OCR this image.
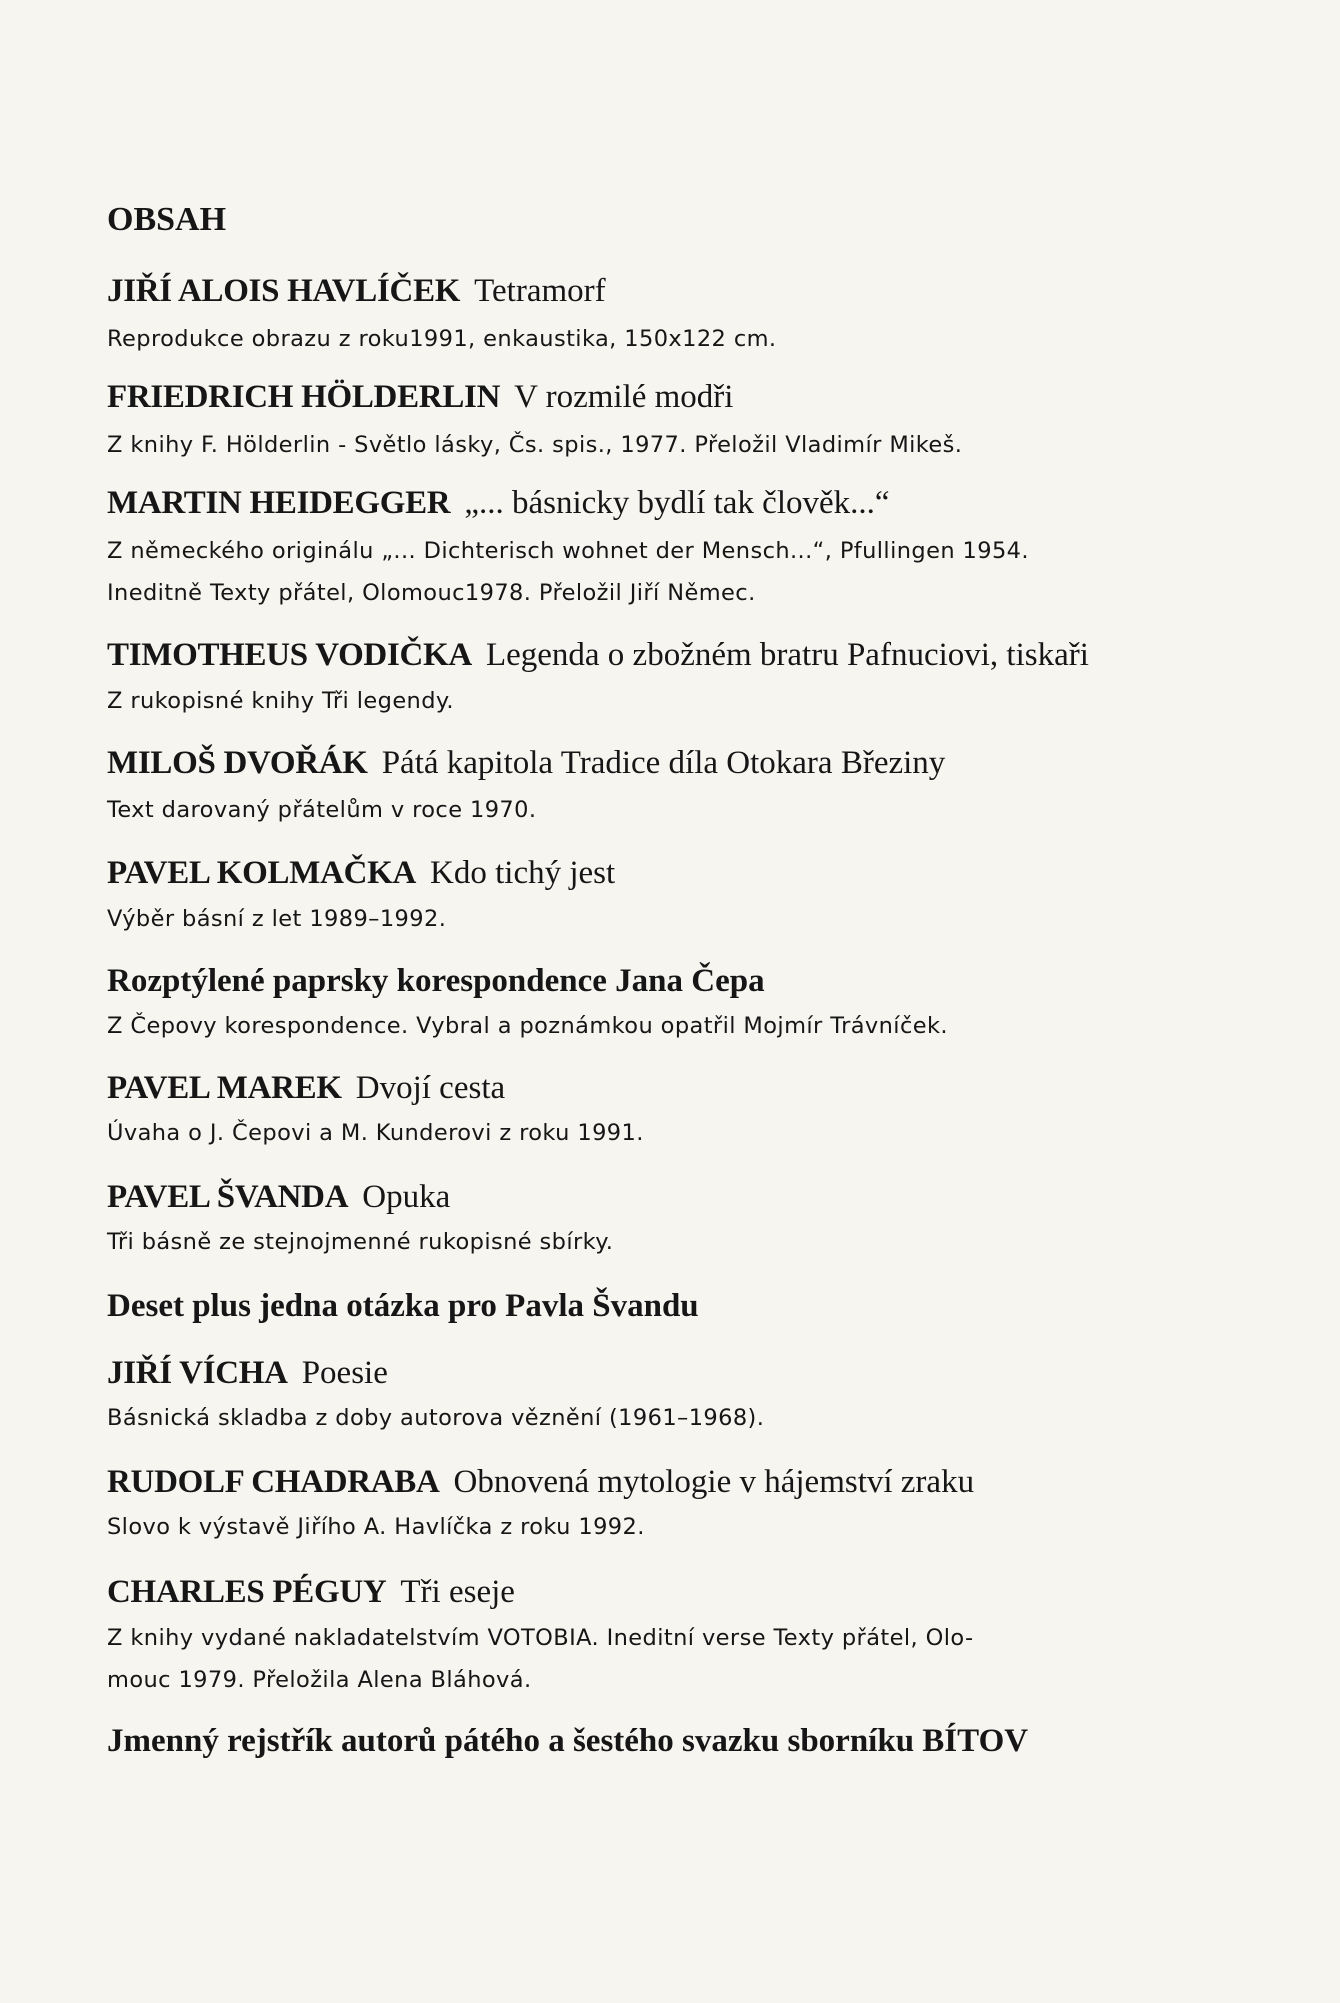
OBSAH
JIŘÍ ALOIS HAVLÍČEK Tetramorf
Reprodukce obrazu z roku1991, enkaustika, 150x122 cm.
FRIEDRICH HÖLDERLIN V rozmilé modři
Z knihy F. Hölderlin - Světlo lásky, Čs. spis., 1977. Přeložil Vladimír Mikeš.
MARTIN HEIDEGGER „... básnicky bydlí tak člověk...“
Z německého originálu „... Dichterisch wohnet der Mensch...“, Pfullingen 1954.
Ineditně Texty přátel, Olomouc1978. Přeložil Jiří Němec.
TIMOTHEUS VODIČKA Legenda o zbožném bratru Pafnuciovi, tiskaři
Z rukopisné knihy Tři legendy.
MILOŠ DVOŘÁK Pátá kapitola Tradice díla Otokara Březiny
Text darovaný přátelům v roce 1970.
PAVEL KOLMAČKA Kdo tichý jest
Výběr básní z let 1989–1992.
Rozptýlené paprsky korespondence Jana Čepa
Z Čepovy korespondence. Vybral a poznámkou opatřil Mojmír Trávníček.
PAVEL MAREK Dvojí cesta
Úvaha o J. Čepovi a M. Kunderovi z roku 1991.
PAVEL ŠVANDA Opuka
Tři básně ze stejnojmenné rukopisné sbírky.
Deset plus jedna otázka pro Pavla Švandu
JIŘÍ VÍCHA Poesie
Básnická skladba z doby autorova věznění (1961–1968).
RUDOLF CHADRABA Obnovená mytologie v hájemství zraku
Slovo k výstavě Jiřího A. Havlíčka z roku 1992.
CHARLES PÉGUY Tři eseje
Z knihy vydané nakladatelstvím VOTOBIA. Ineditní verse Texty přátel, Olo-
mouc 1979. Přeložila Alena Bláhová.
Jmenný rejstřík autorů pátého a šestého svazku sborníku BÍTOV
